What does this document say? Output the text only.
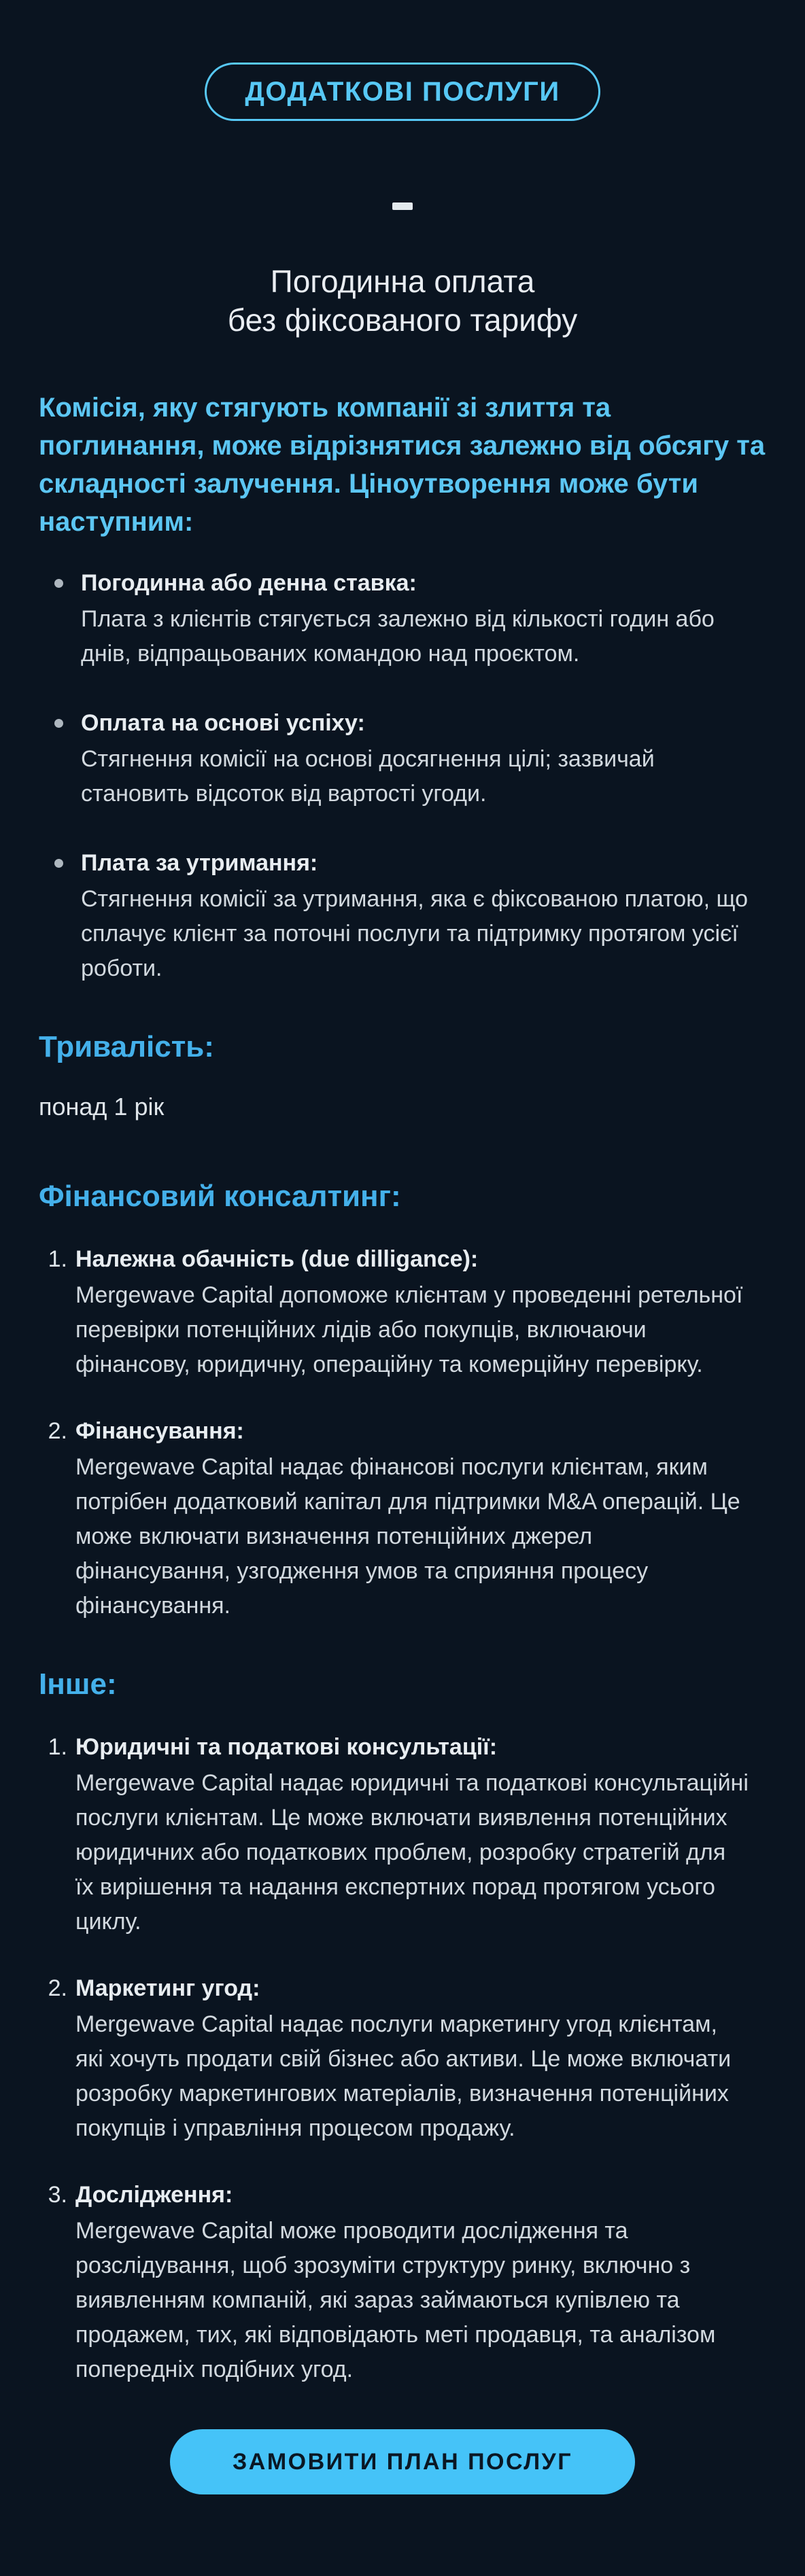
ДОДАТКОВІ ПОСЛУГИ
Погодинна оплата
без фіксованого тарифу

Комісія, яку стягують компанії зі злиття та поглинання, може відрізнятися залежно від обсягу та складності залучення. Ціноутворення може бути наступним:

Погодинна або денна ставка:
Плата з клієнтів стягується залежно від кількості годин або днів, відпрацьованих командою над проєктом.
Оплата на основі успіху:
Стягнення комісії на основі досягнення цілі; зазвичай становить відсоток від вартості угоди.
Плата за утримання:
Стягнення комісії за утримання, яка є фіксованою платою, що сплачує клієнт за поточні послуги та підтримку протягом усієї роботи.
Тривалість:

понад 1 рік

Фінансовий консалтинг:
1. Належна обачність (due dilligance):
Mergewave Capital допоможе клієнтам у проведенні ретельної перевірки потенційних лідів або покупців, включаючи фінансову, юридичну, операційну та комерційну перевірку.
2. Фінансування:
Mergewave Capital надає фінансові послуги клієнтам, яким потрібен додатковий капітал для підтримки M&A операцій. Це може включати визначення потенційних джерел фінансування, узгодження умов та сприяння процесу фінансування.
Інше:
1. Юридичні та податкові консультації:
Mergewave Capital надає юридичні та податкові консультаційні послуги клієнтам. Це може включати виявлення потенційних юридичних або податкових проблем, розробку стратегій для їх вирішення та надання експертних порад протягом усього циклу.
2. Маркетинг угод:
Mergewave Capital надає послуги маркетингу угод клієнтам, які хочуть продати свій бізнес або активи. Це може включати розробку маркетингових матеріалів, визначення потенційних покупців і управління процесом продажу.
3. Дослідження:
Mergewave Capital може проводити дослідження та розслідування, щоб зрозуміти структуру ринку, включно з виявленням компаній, які зараз займаються купівлею та продажем, тих, які відповідають меті продавця, та аналізом попередніх подібних угод.
ЗАМОВИТИ ПЛАН ПОСЛУГ
